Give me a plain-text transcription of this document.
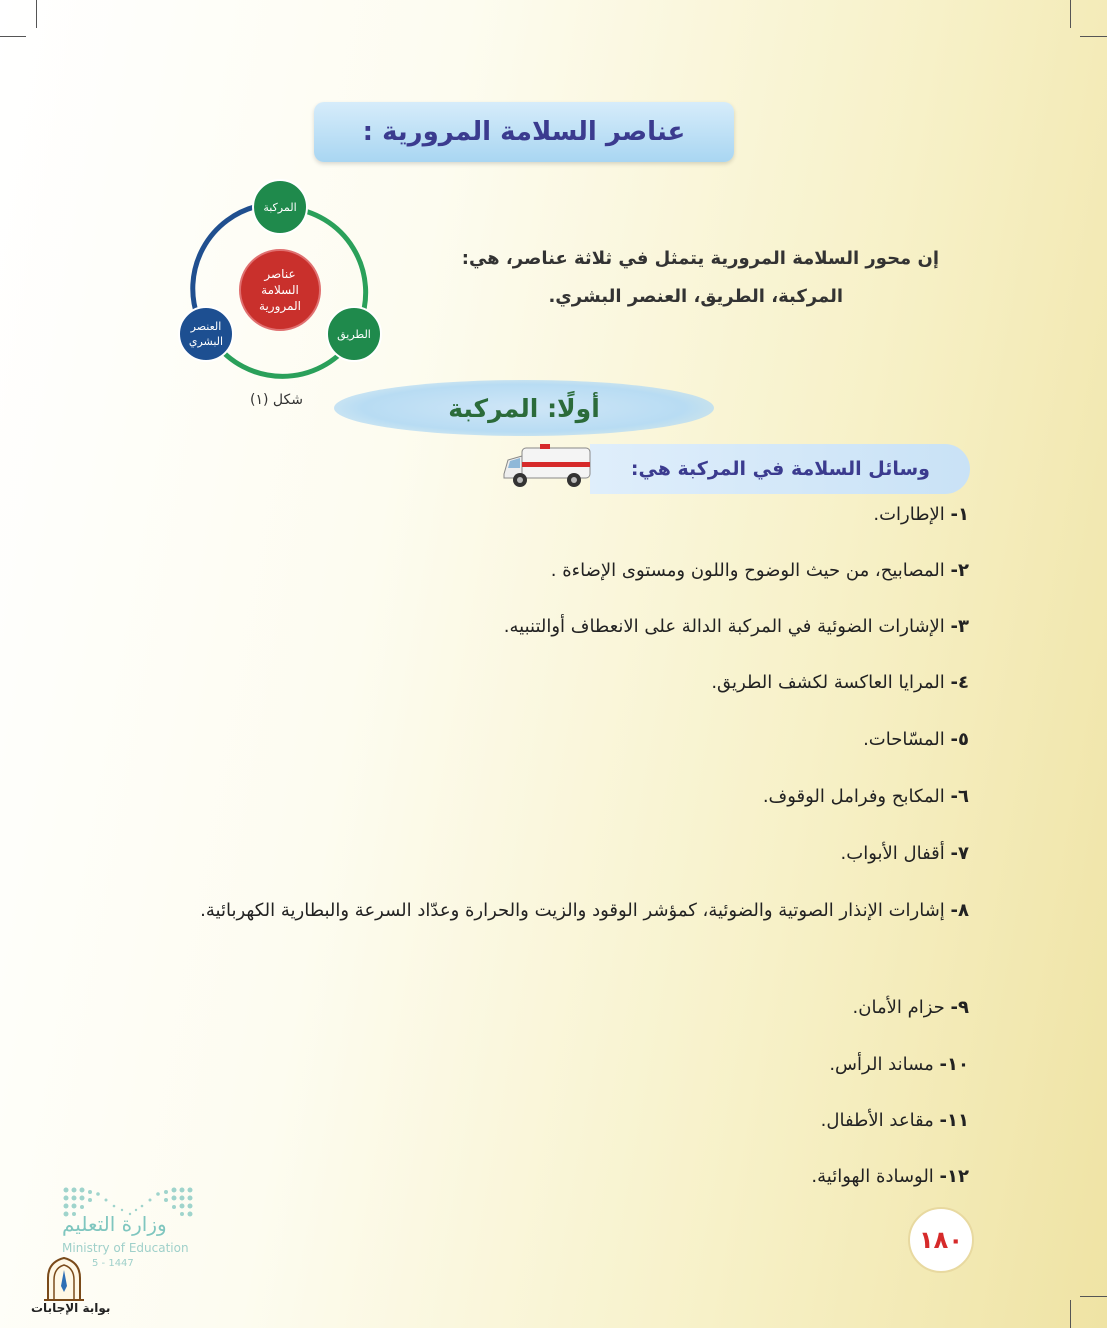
عناصر السلامة المرورية :

إن محور السلامة المرورية يتمثل في ثلاثة عناصر، هي:

المركبة، الطريق، العنصر البشري.

عناصر
السلامة
المرورية
المركبة
الطريق
العنصر
البشري
شكل (١)	أولًا: المركبة
وسائل السلامة في المركبة هي:
١- الإطارات.
٢- المصابيح، من حيث الوضوح واللون ومستوى الإضاءة .
٣- الإشارات الضوئية في المركبة الدالة على الانعطاف أوالتنبيه.
٤- المرايا العاكسة لكشف الطريق.
٥- المسّاحات.
٦- المكابح وفرامل الوقوف.
٧- أقفال الأبواب.
٨- إشارات الإنذار الصوتية والضوئية، كمؤشر الوقود والزيت والحرارة وعدّاد السرعة والبطارية الكهربائية.
٩- حزام الأمان.
١٠- مساند الرأس.
١١- مقاعد الأطفال.
١٢- الوسادة الهوائية.
١٨٠
وزارة التعليم
Ministry of Education
5 - 1447
بوابة الإجابات
